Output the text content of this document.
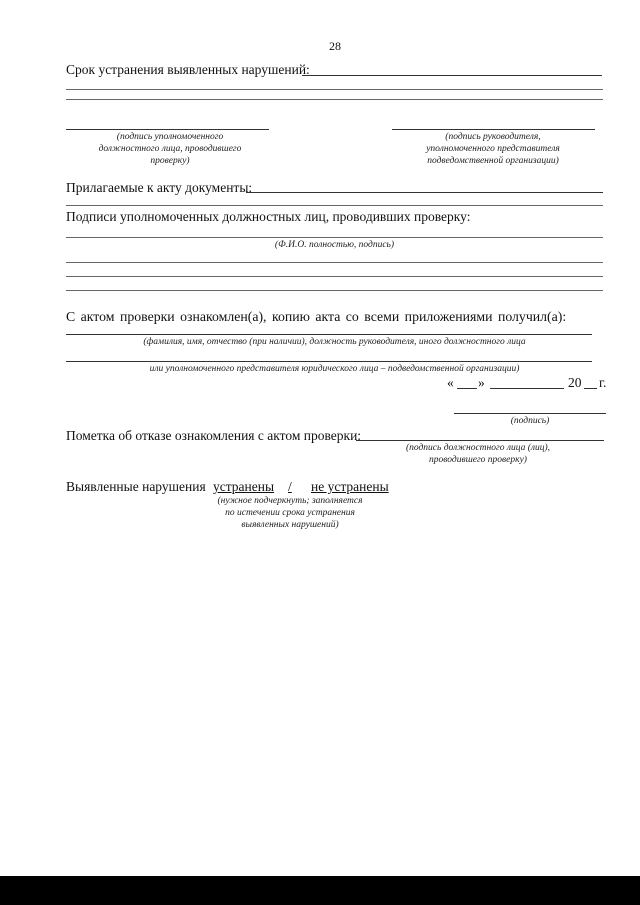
28
Срок устранения выявленных нарушений:
(подпись уполномоченного
должностного лица, проводившего
проверку)
(подпись руководителя,
уполномоченного представителя
подведомственной организации)
Прилагаемые к акту документы:
Подписи уполномоченных должностных лиц, проводивших проверку:
(Ф.И.О. полностью, подпись)
С актом проверки ознакомлен(а), копию акта со всеми приложениями получил(а):
(фамилия, имя, отчество (при наличии), должность руководителя, иного должностного лица
или уполномоченного представителя юридического лица – подведомственной организации)
« »	20 г.
(подпись)
Пометка об отказе ознакомления с актом проверки:
(подпись должностного лица (лиц),
проводившего проверку)
Выявленные нарушения устранены / не устранены
(нужное подчеркнуть; заполняется
по истечении срока устранения
выявленных нарушений)
